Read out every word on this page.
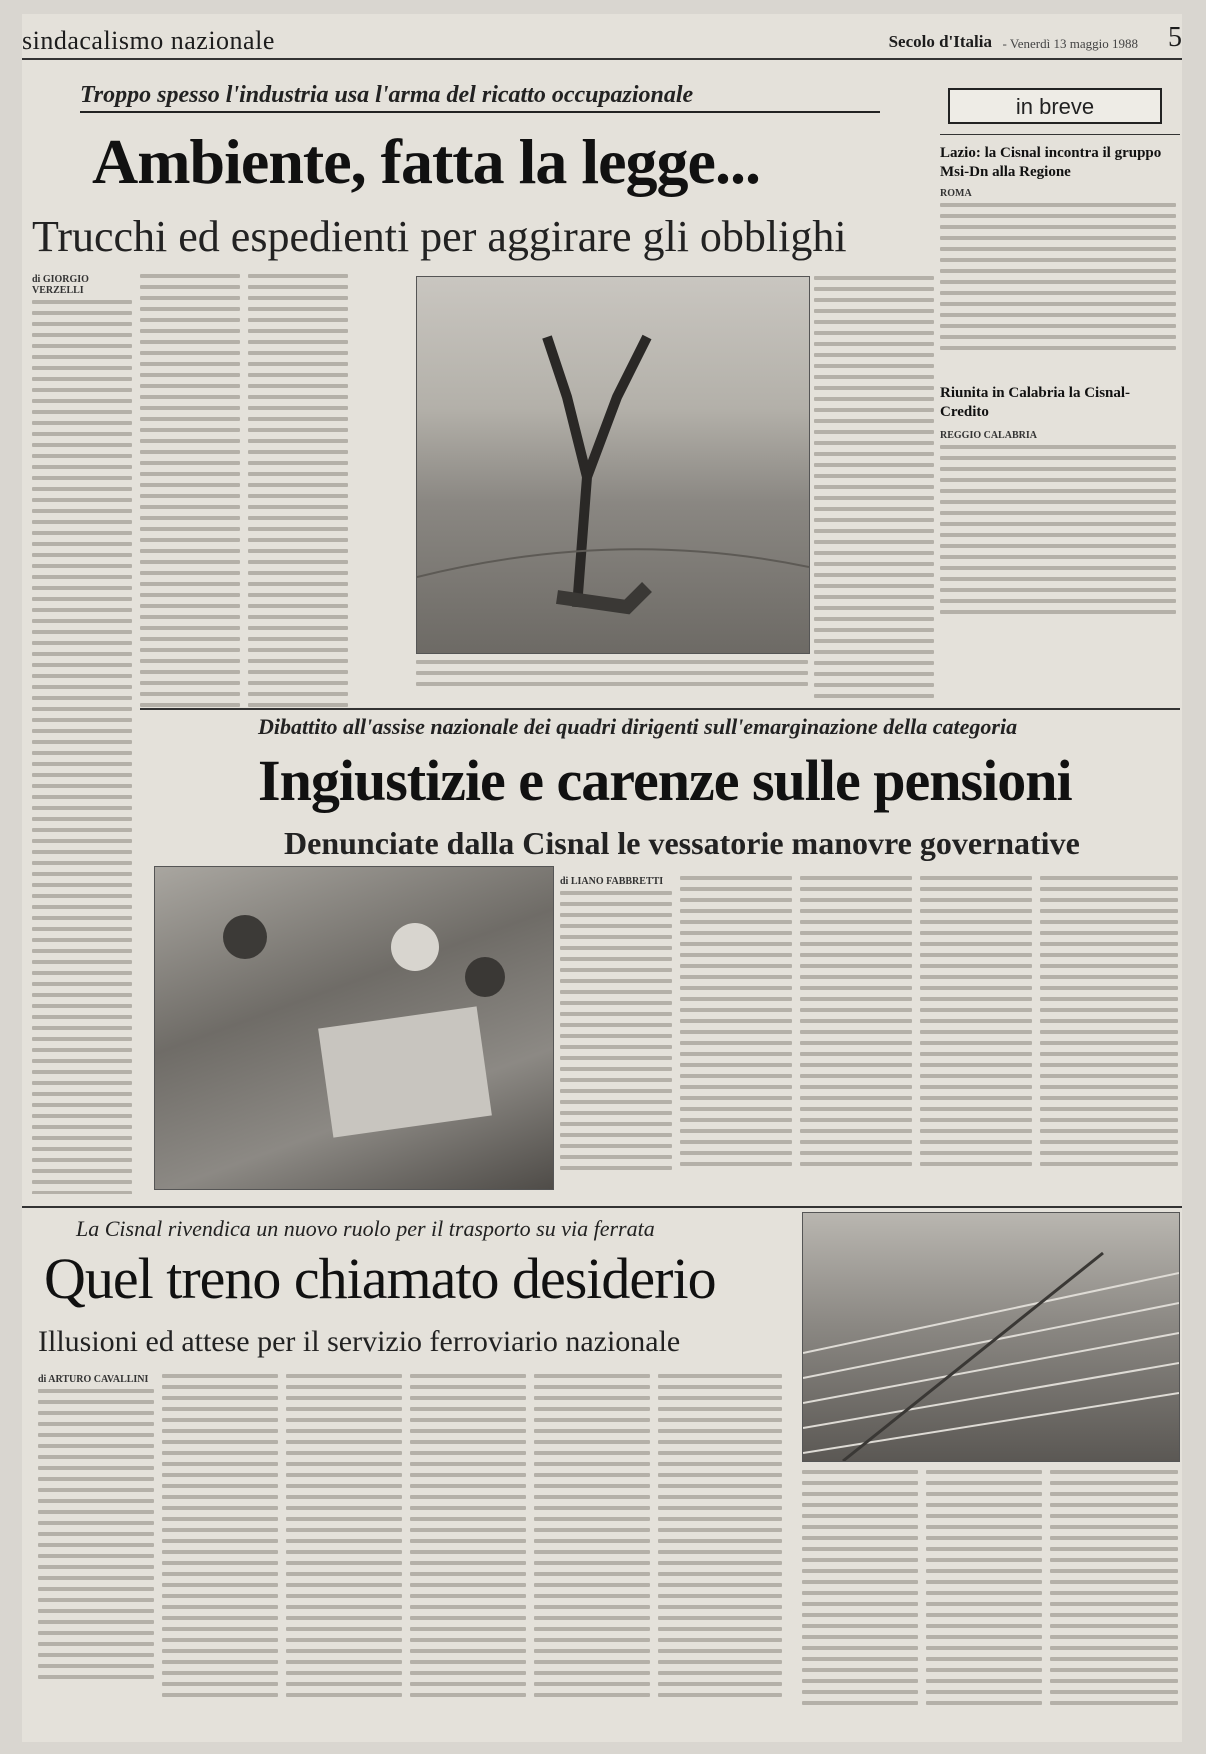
sindacalismo nazionale	Secolo d'Italia - Venerdì 13 maggio 1988 5
Troppo spesso l'industria usa l'arma del ricatto occupazionale
Ambiente, fatta la legge...
Trucchi ed espedienti per aggirare gli obblighi
di GIORGIO VERZELLI
in breve
Lazio: la Cisnal incontra il gruppo Msi-Dn alla Regione
ROMA
Riunita in Calabria la Cisnal-Credito
REGGIO CALABRIA
Dibattito all'assise nazionale dei quadri dirigenti sull'emarginazione della categoria
Ingiustizie e carenze sulle pensioni
Denunciate dalla Cisnal le vessatorie manovre governative
di LIANO FABBRETTI
La Cisnal rivendica un nuovo ruolo per il trasporto su via ferrata
Quel treno chiamato desiderio
Illusioni ed attese per il servizio ferroviario nazionale
di ARTURO CAVALLINI
